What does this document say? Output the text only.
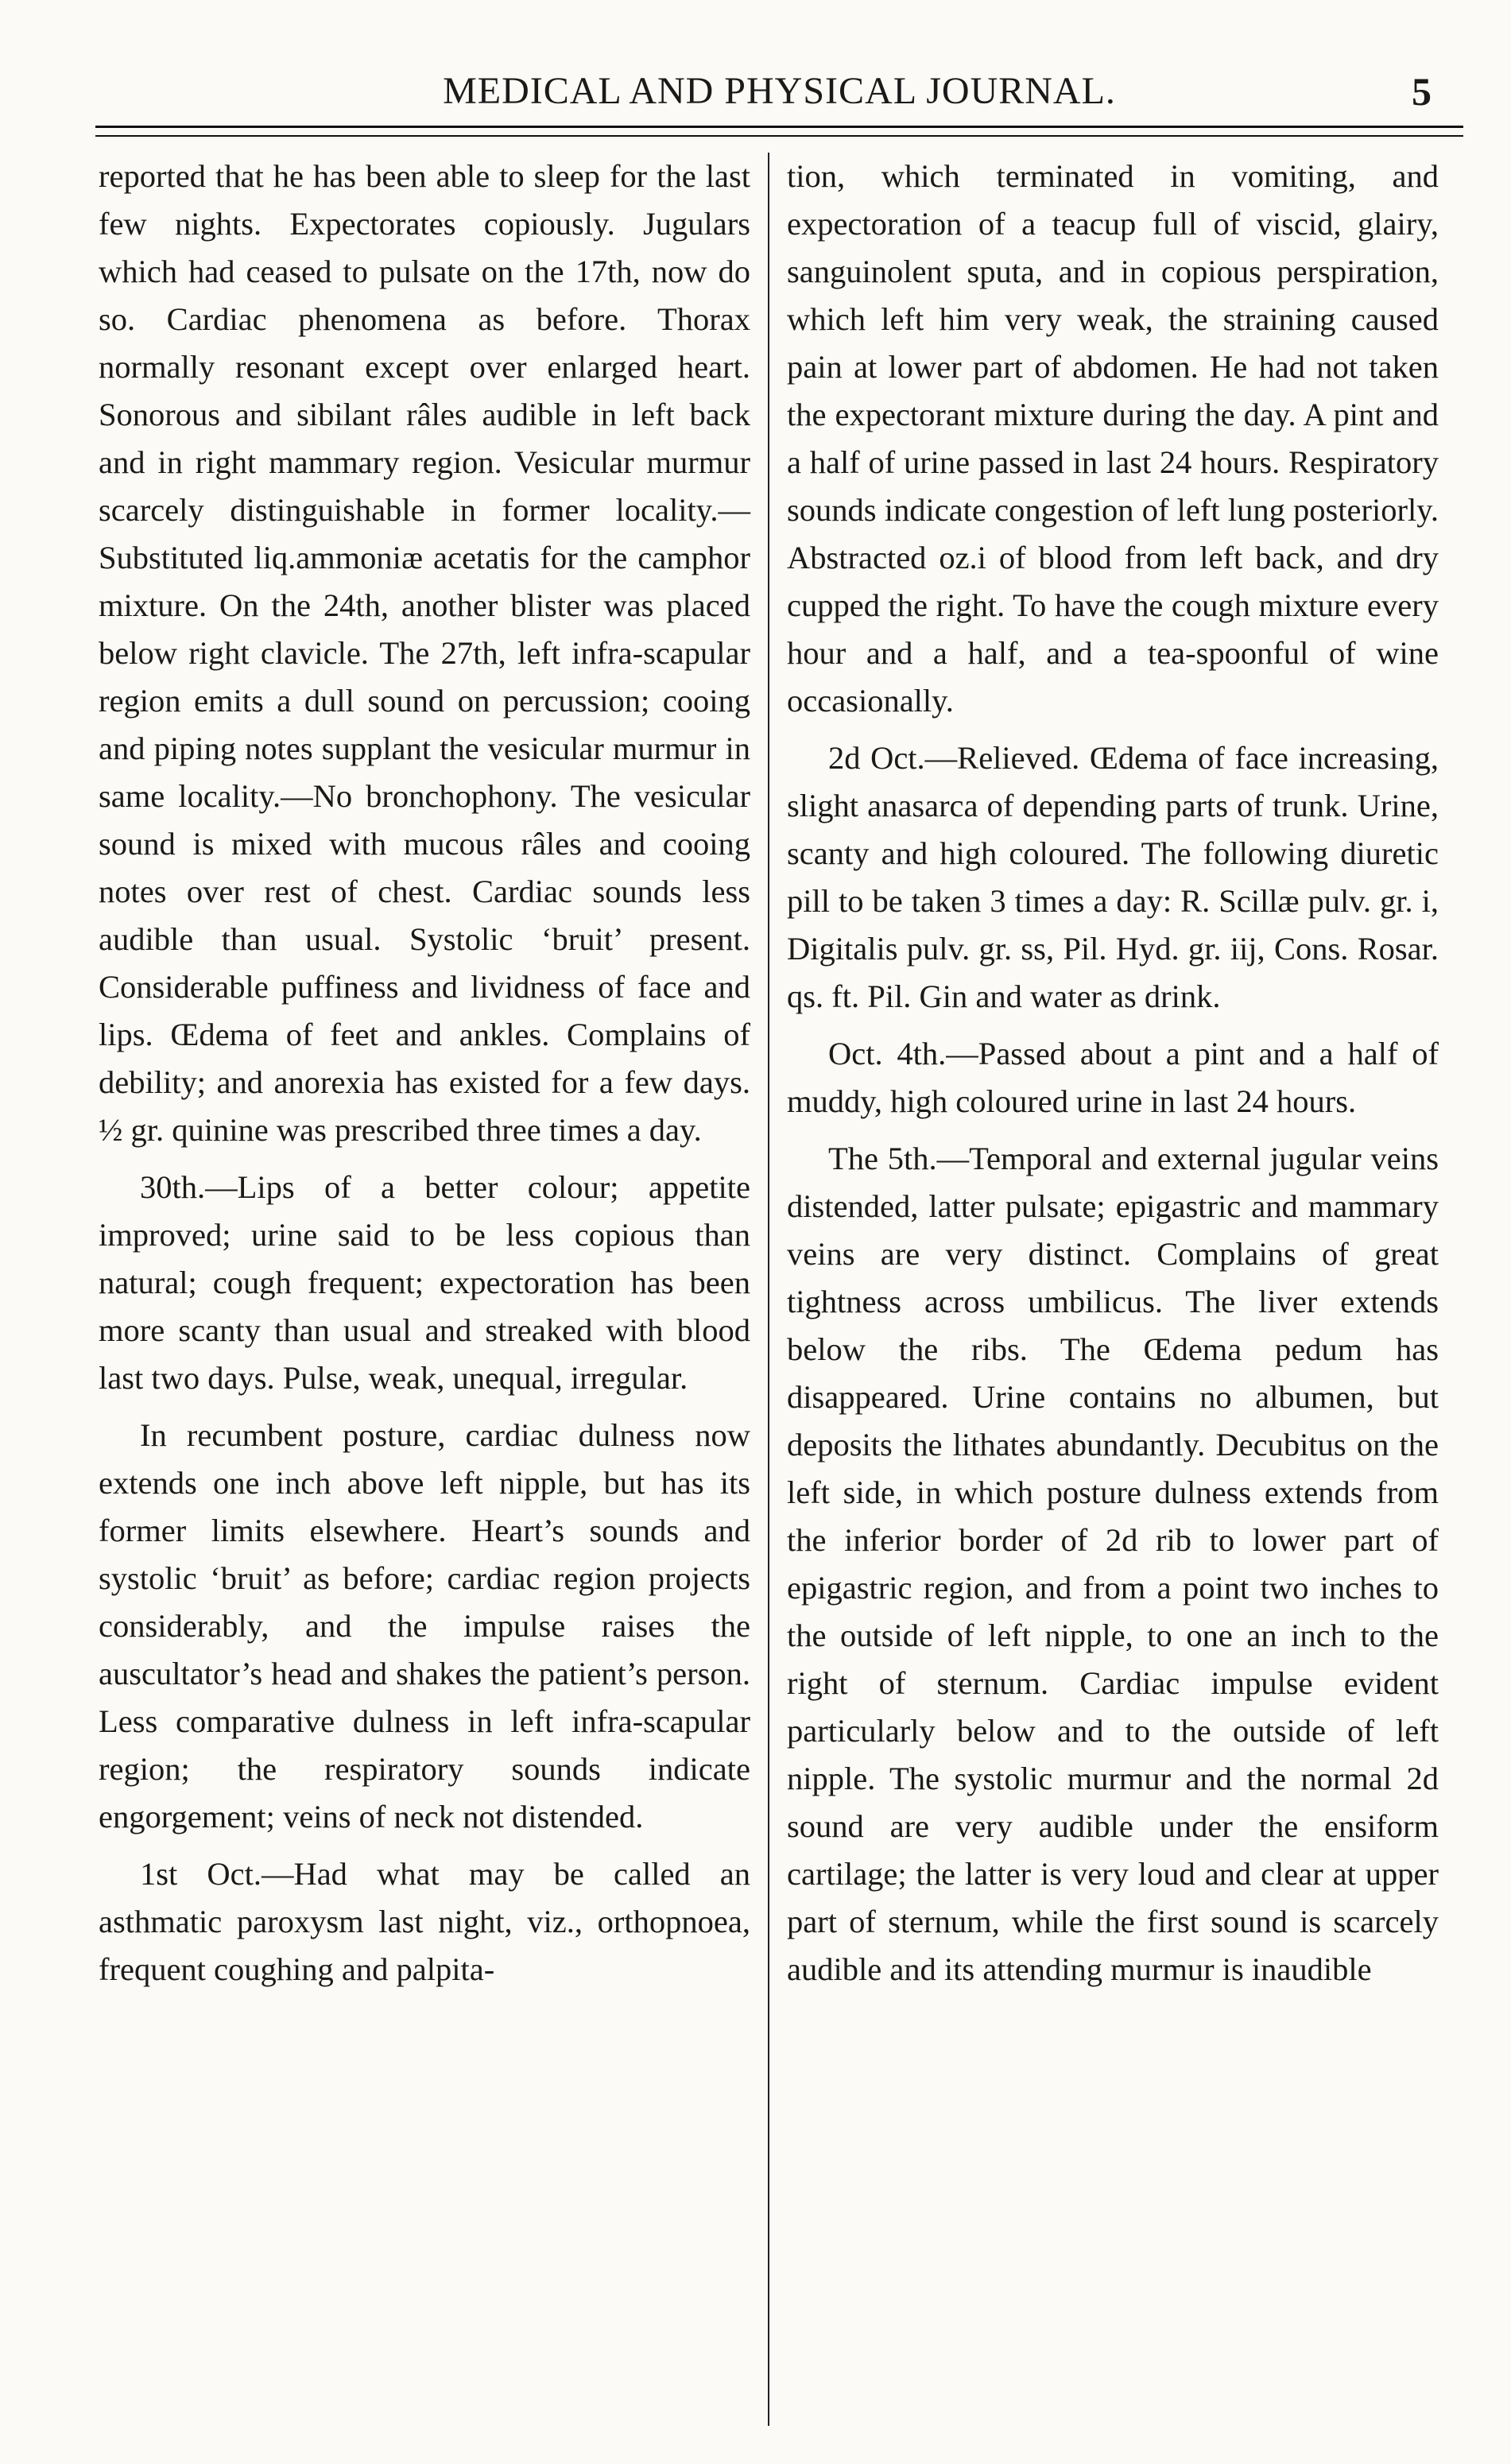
MEDICAL AND PHYSICAL JOURNAL.	5

reported that he has been able to sleep for the last few nights. Expectorates copiously. Jugulars which had ceased to pulsate on the 17th, now do so. Cardiac phenomena as before. Thorax normally resonant except over enlarged heart. Sonorous and sibilant râles audible in left back and in right mammary region. Vesicular murmur scarcely distinguishable in former locality.—Substituted liq.ammoniæ acetatis for the camphor mixture. On the 24th, another blister was placed below right clavicle. The 27th, left infra-scapular region emits a dull sound on percussion; cooing and piping notes supplant the vesicular murmur in same locality.—No bronchophony. The vesicular sound is mixed with mucous râles and cooing notes over rest of chest. Cardiac sounds less audible than usual. Systolic ‘bruit’ present. Considerable puffiness and lividness of face and lips. Œdema of feet and ankles. Complains of debility; and anorexia has existed for a few days. ½ gr. quinine was prescribed three times a day.

30th.—Lips of a better colour; appetite improved; urine said to be less copious than natural; cough frequent; expectoration has been more scanty than usual and streaked with blood last two days. Pulse, weak, unequal, irregular.

In recumbent posture, cardiac dulness now extends one inch above left nipple, but has its former limits elsewhere. Heart’s sounds and systolic ‘bruit’ as before; cardiac region projects considerably, and the impulse raises the auscultator’s head and shakes the patient’s person. Less comparative dulness in left infra-scapular region; the respiratory sounds indicate engorgement; veins of neck not distended.

1st Oct.—Had what may be called an asthmatic paroxysm last night, viz., orthopnoea, frequent coughing and palpita-

tion, which terminated in vomiting, and expectoration of a teacup full of viscid, glairy, sanguinolent sputa, and in copious perspiration, which left him very weak, the straining caused pain at lower part of abdomen. He had not taken the expectorant mixture during the day. A pint and a half of urine passed in last 24 hours. Respiratory sounds indicate congestion of left lung posteriorly. Abstracted oz.i of blood from left back, and dry cupped the right. To have the cough mixture every hour and a half, and a tea-spoonful of wine occasionally.

2d Oct.—Relieved. Œdema of face increasing, slight anasarca of depending parts of trunk. Urine, scanty and high coloured. The following diuretic pill to be taken 3 times a day: R. Scillæ pulv. gr. i, Digitalis pulv. gr. ss, Pil. Hyd. gr. iij, Cons. Rosar. qs. ft. Pil. Gin and water as drink.

Oct. 4th.—Passed about a pint and a half of muddy, high coloured urine in last 24 hours.

The 5th.—Temporal and external jugular veins distended, latter pulsate; epigastric and mammary veins are very distinct. Complains of great tightness across umbilicus. The liver extends below the ribs. The Œdema pedum has disappeared. Urine contains no albumen, but deposits the lithates abundantly. Decubitus on the left side, in which posture dulness extends from the inferior border of 2d rib to lower part of epigastric region, and from a point two inches to the outside of left nipple, to one an inch to the right of sternum. Cardiac impulse evident particularly below and to the outside of left nipple. The systolic murmur and the normal 2d sound are very audible under the ensiform cartilage; the latter is very loud and clear at upper part of sternum, while the first sound is scarcely audible and its attending murmur is inaudible
